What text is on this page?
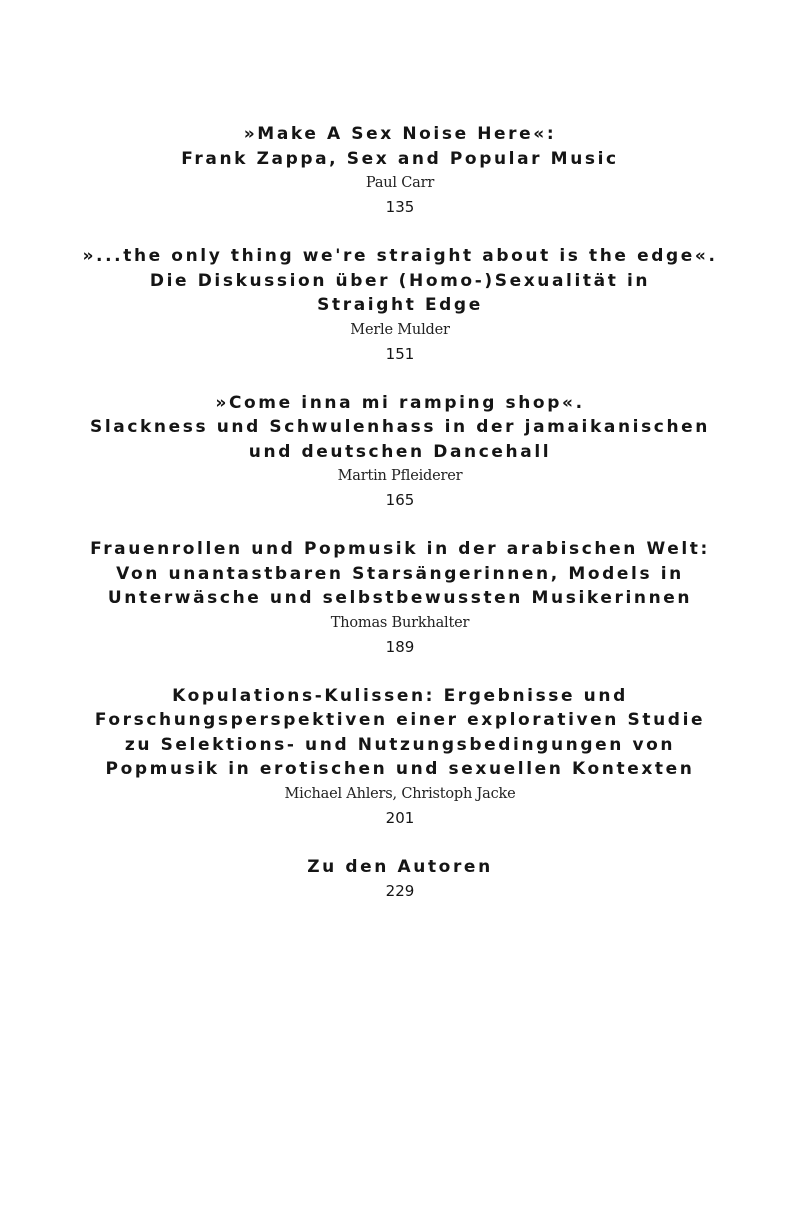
»Make A Sex Noise Here«:
Frank Zappa, Sex and Popular Music
Paul Carr
135
»...the only thing we're straight about is the edge«.
Die Diskussion über (Homo-)Sexualität in
Straight Edge
Merle Mulder
151
»Come inna mi ramping shop«.
Slackness und Schwulenhass in der jamaikanischen
und deutschen Dancehall
Martin Pfleiderer
165
Frauenrollen und Popmusik in der arabischen Welt:
Von unantastbaren Starsängerinnen, Models in
Unterwäsche und selbstbewussten Musikerinnen
Thomas Burkhalter
189
Kopulations-Kulissen: Ergebnisse und
Forschungsperspektiven einer explorativen Studie
zu Selektions- und Nutzungsbedingungen von
Popmusik in erotischen und sexuellen Kontexten
Michael Ahlers, Christoph Jacke
201
Zu den Autoren
229
